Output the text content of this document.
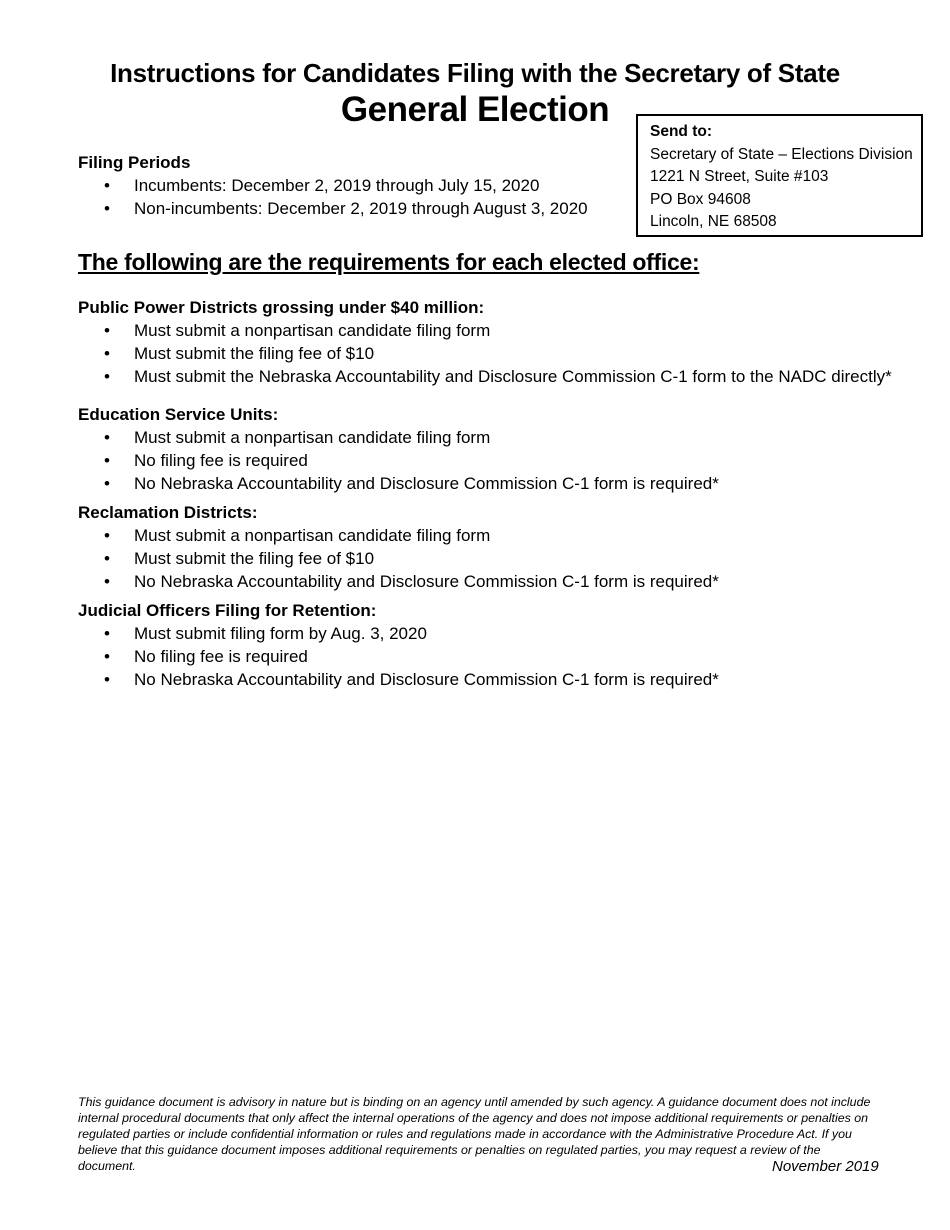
Instructions for Candidates Filing with the Secretary of State
General Election
Send to:
Secretary of State – Elections Division
1221 N Street, Suite #103
PO Box 94608
Lincoln, NE 68508
Filing Periods
•	Incumbents: December 2, 2019 through July 15, 2020
•	Non-incumbents: December 2, 2019 through August 3, 2020
The following are the requirements for each elected office:
Public Power Districts grossing under $40 million:
•	Must submit a nonpartisan candidate filing form
•	Must submit the filing fee of $10
•	Must submit the Nebraska Accountability and Disclosure Commission C-1 form to the NADC directly*
Education Service Units:
•	Must submit a nonpartisan candidate filing form
•	No filing fee is required
•	No Nebraska Accountability and Disclosure Commission C-1 form is required*
Reclamation Districts:
•	Must submit a nonpartisan candidate filing form
•	Must submit the filing fee of $10
•	No Nebraska Accountability and Disclosure Commission C-1 form is required*
Judicial Officers Filing for Retention:
•	Must submit filing form by Aug. 3, 2020
•	No filing fee is required
•	No Nebraska Accountability and Disclosure Commission C-1 form is required*
This guidance document is advisory in nature but is binding on an agency until amended by such agency. A guidance document does not include internal procedural documents that only affect the internal operations of the agency and does not impose additional requirements or penalties on regulated parties or include confidential information or rules and regulations made in accordance with the Administrative Procedure Act. If you believe that this guidance document imposes additional requirements or penalties on regulated parties, you may request a review of the document.	November 2019
